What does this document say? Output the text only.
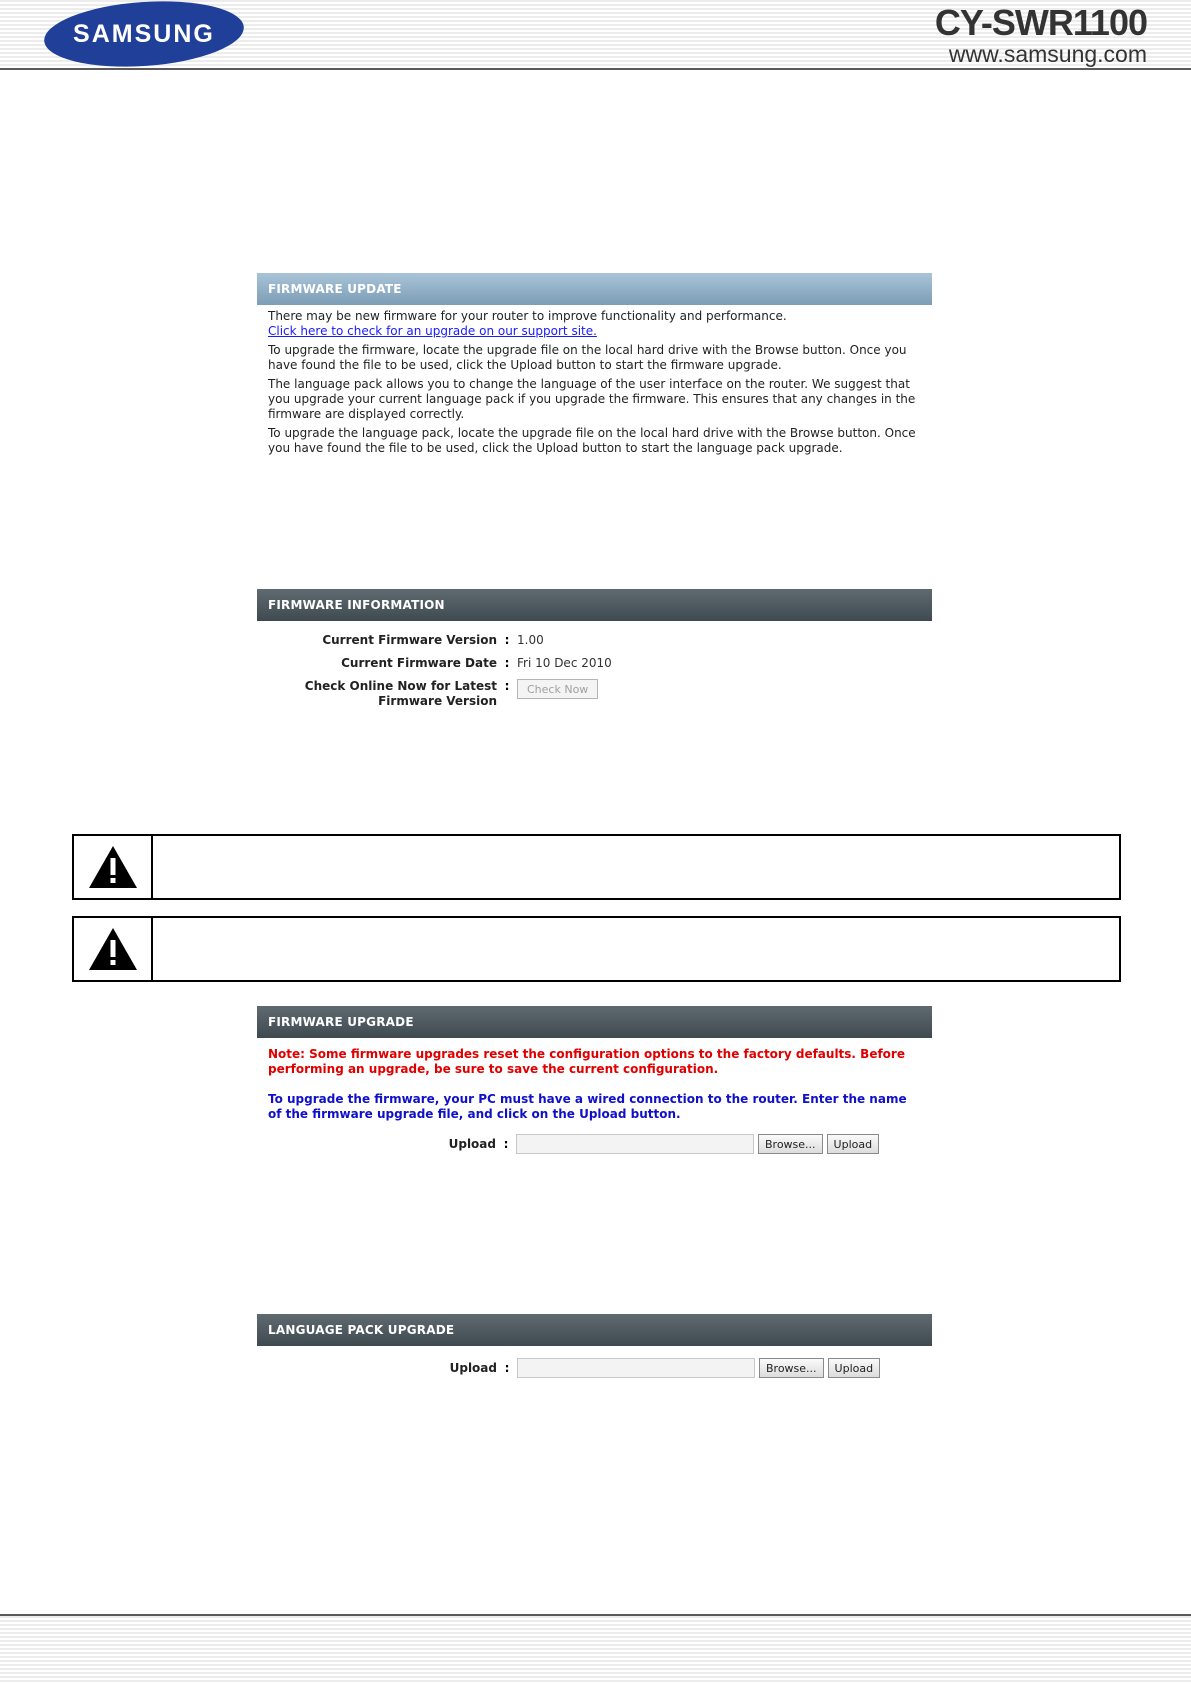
SAMSUNG	CY-SWR1100
www.samsung.com
FIRMWARE UPDATE

There may be new firmware for your router to improve functionality and performance.

Click here to check for an upgrade on our support site.

To upgrade the firmware, locate the upgrade file on the local hard drive with the Browse button. Once you have found the file to be used, click the Upload button to start the firmware upgrade.

The language pack allows you to change the language of the user interface on the router. We suggest that you upgrade your current language pack if you upgrade the firmware. This ensures that any changes in the firmware are displayed correctly.

To upgrade the language pack, locate the upgrade file on the local hard drive with the Browse button. Once you have found the file to be used, click the Upload button to start the language pack upgrade.

FIRMWARE INFORMATION
Current Firmware Version : 1.00
Current Firmware Date : Fri 10 Dec 2010
Check Online Now for Latest
Firmware Version
:	Check Now
FIRMWARE UPGRADE

Note: Some firmware upgrades reset the configuration options to the factory defaults. Before performing an upgrade, be sure to save the current configuration.

To upgrade the firmware, your PC must have a wired connection to the router. Enter the name of the firmware upgrade file, and click on the Upload button.

Upload :	Browse...	Upload
LANGUAGE PACK UPGRADE
Upload :	Browse...	Upload
